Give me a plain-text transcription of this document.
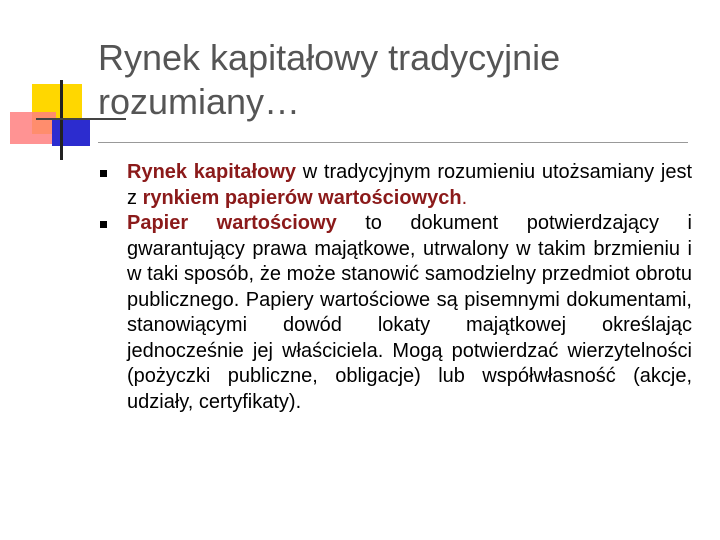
Rynek kapitałowy tradycyjnie rozumiany…
Rynek kapitałowy w tradycyjnym rozumieniu utożsamiany jest z rynkiem papierów wartościowych.
Papier wartościowy to dokument potwierdzający i gwarantujący prawa majątkowe, utrwalony w takim brzmieniu i w taki sposób, że może stanowić samodzielny przedmiot obrotu publicznego. Papiery wartościowe są pisemnymi dokumentami, stanowiącymi dowód lokaty majątkowej określając jednocześnie jej właściciela. Mogą potwierdzać wierzytelności (pożyczki publiczne, obligacje) lub współwłasność (akcje, udziały, certyfikaty).
